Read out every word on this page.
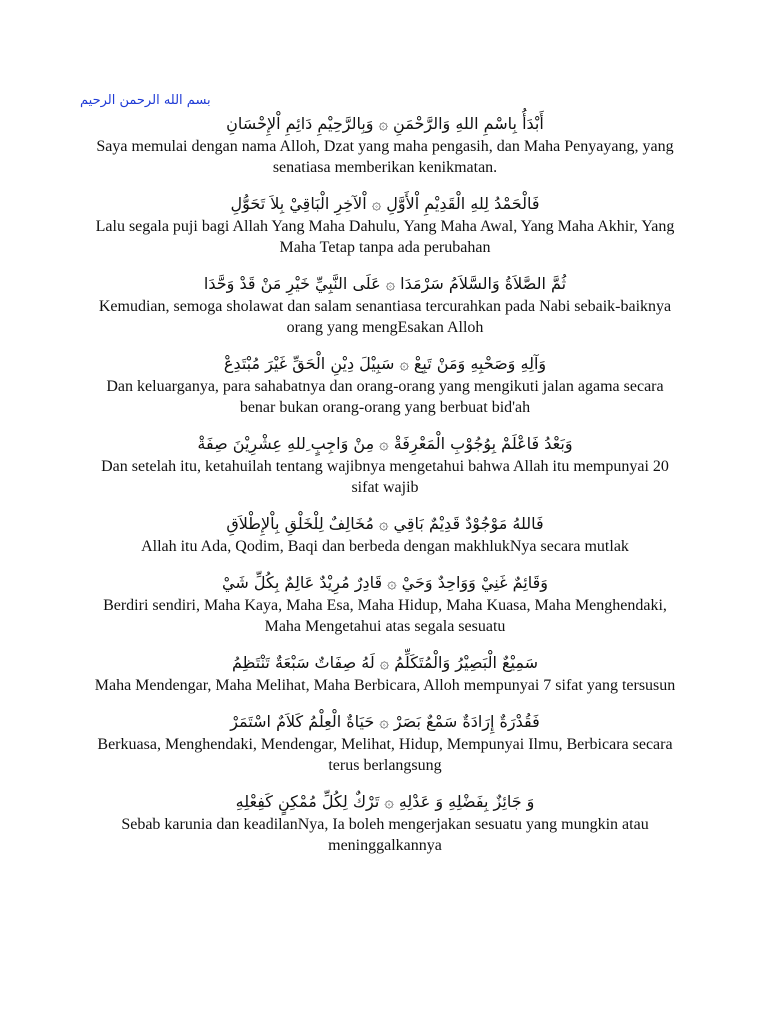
بسم الله الرحمن الرحيم
أَبْدَأُ بِاسْمِ اللهِ وَالرَّحْمَنِ ۞ وَبِالرَّحِيْمِ دَائِمِ اْلإِحْسَانِ
Saya memulai dengan nama Alloh, Dzat yang maha pengasih, dan Maha Penyayang, yang senatiasa memberikan kenikmatan.
فَالْحَمْدُ لِلهِ الْقَدِيْمِ اْلأَوَّلِ ۞ اْلآخِرِ الْبَاقِيْ بِلاَ تَحَوُّلِ
Lalu segala puji bagi Allah Yang Maha Dahulu, Yang Maha Awal, Yang Maha Akhir, Yang Maha Tetap tanpa ada perubahan
ثُمَّ الصَّلاَةُ وَالسَّلاَمُ سَرْمَدَا ۞ عَلَى النَّبِيِّ خَيْرِ مَنْ قَدْ وَحَّدَا
Kemudian, semoga sholawat dan salam senantiasa tercurahkan pada Nabi sebaik-baiknya orang yang mengEsakan Alloh
وَآلِهِ وَصَحْبِهِ وَمَنْ تَبِعْ ۞ سَبِيْلَ دِيْنِ الْحَقِّ غَيْرَ مُبْتَدِعْ
Dan keluarganya, para sahabatnya dan orang-orang yang mengikuti jalan agama secara benar bukan orang-orang yang berbuat bid'ah
وَبَعْدُ فَاعْلَمْ بِوُجُوْبِ الْمَعْرِفَةْ ۞ مِنْ وَاجِبٍ ِللهِ عِشْرِيْنَ صِفَةْ
Dan setelah itu, ketahuilah tentang wajibnya mengetahui bahwa Allah itu mempunyai 20 sifat wajib
فَاللهُ مَوْجُوْدٌ قَدِيْمٌ بَاقِي ۞ مُخَالِفٌ لِلْخَلْقِ بِاْلإِطْلاَقِ
Allah itu Ada, Qodim, Baqi dan berbeda dengan makhlukNya secara mutlak
وَقَائِمٌ غَنِيْ وَوَاحِدٌ وَحَيْ ۞ قَادِرٌ مُرِيْدٌ عَالِمٌ بِكُلِّ شَيْ
Berdiri sendiri, Maha Kaya, Maha Esa, Maha Hidup, Maha Kuasa, Maha Menghendaki, Maha Mengetahui atas segala sesuatu
سَمِيْعٌ الْبَصِيْرُ وَالْمُتَكَلِّمُ ۞ لَهُ صِفَاتٌ سَبْعَةٌ تَنْتَظِمُ
Maha Mendengar, Maha Melihat, Maha Berbicara, Alloh mempunyai 7 sifat yang tersusun
فَقُدْرَةٌ إِرَادَةٌ سَمْعٌ بَصَرْ ۞ حَيَاةٌ الْعِلْمُ كَلاَمٌ اسْتَمَرْ
Berkuasa, Menghendaki, Mendengar, Melihat, Hidup, Mempunyai Ilmu, Berbicara secara terus berlangsung
وَ جَائِزٌ بِفَضْلِهِ وَ عَدْلِهِ ۞ تَرْكٌ لِكُلِّ مُمْكِنٍ كَفِعْلِهِ
Sebab karunia dan keadilanNya, Ia boleh mengerjakan sesuatu yang mungkin atau meninggalkannya
